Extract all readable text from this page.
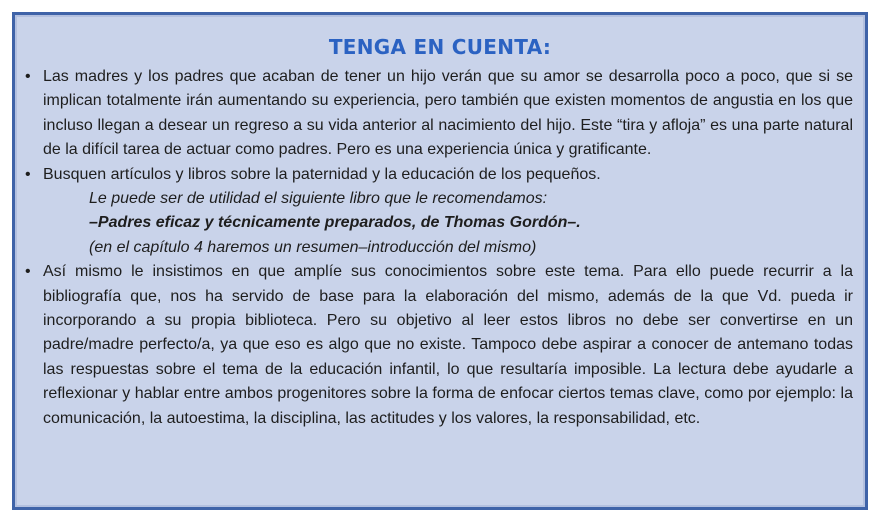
TENGA EN CUENTA:
• Las madres y los padres que acaban de tener un hijo verán que su amor se desarrolla poco a poco, que si se implican totalmente irán aumentando su experiencia, pero también que existen momentos de angustia en los que incluso llegan a desear un regreso a su vida anterior al nacimiento del hijo. Este “tira y afloja” es una parte natural de la difícil tarea de actuar como padres. Pero es una experiencia única y gratificante.
• Busquen artículos y libros sobre la paternidad y la educación de los pequeños.
Le puede ser de utilidad el siguiente libro que le recomendamos:
–Padres eficaz y técnicamente preparados, de Thomas Gordón–.
(en el capítulo 4 haremos un resumen–introducción del mismo)
• Así mismo le insistimos en que amplíe sus conocimientos sobre este tema. Para ello puede recurrir a la bibliografía que, nos ha servido de base para la elaboración del mismo, además de la que Vd. pueda ir incorporando a su propia biblioteca. Pero su objetivo al leer estos libros no debe ser convertirse en un padre/madre perfecto/a, ya que eso es algo que no existe. Tampoco debe aspirar a conocer de antemano todas las respuestas sobre el tema de la educación infantil, lo que resultaría imposible. La lectura debe ayudarle a reflexionar y hablar entre ambos progenitores sobre la forma de enfocar ciertos temas clave, como por ejemplo: la comunicación, la autoestima, la disciplina, las actitudes y los valores, la responsabilidad, etc.
